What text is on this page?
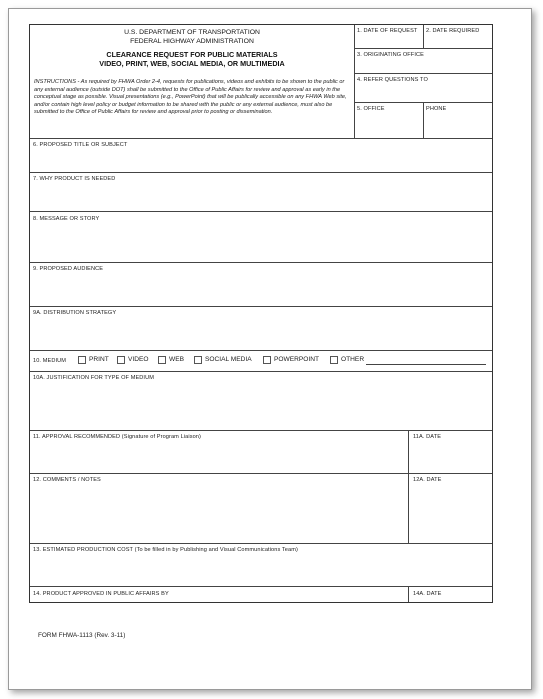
U.S. DEPARTMENT OF TRANSPORTATION
FEDERAL HIGHWAY ADMINISTRATION
CLEARANCE REQUEST FOR PUBLIC MATERIALS
VIDEO, PRINT, WEB, SOCIAL MEDIA, OR MULTIMEDIA
INSTRUCTIONS - As required by FHWA Order 2-4, requests for publications, videos and exhibits to be shown to the public or any external audience (outside DOT) shall be submitted to the Office of Public Affairs for review and approval as early in the conceptual stage as possible. Visual presentations (e.g., PowerPoint) that will be publically accessible on any FHWA Web site, and/or contain high level policy or budget information to be shared with the public or any external audience, must also be submitted to the Office of Public Affairs for review and approval prior to posting or dissemination.
1. DATE OF REQUEST 2. DATE REQUIRED
3. ORIGINATING OFFICE
4. REFER QUESTIONS TO
5. OFFICE	PHONE
6. PROPOSED TITLE OR SUBJECT
7. WHY PRODUCT IS NEEDED
8. MESSAGE OR STORY
9. PROPOSED AUDIENCE
9A. DISTRIBUTION STRATEGY
10. MEDIUM	PRINT	VIDEO	WEB	SOCIAL MEDIA	POWERPOINT	OTHER
10A. JUSTIFICATION FOR TYPE OF MEDIUM
11. APPROVAL RECOMMENDED (Signature of Program Liaison)	11A. DATE
12. COMMENTS / NOTES	12A. DATE
13. ESTIMATED PRODUCTION COST (To be filled in by Publishing and Visual Communications Team)
14. PRODUCT APPROVED IN PUBLIC AFFAIRS BY	14A. DATE
FORM FHWA-1113 (Rev. 3-11)
